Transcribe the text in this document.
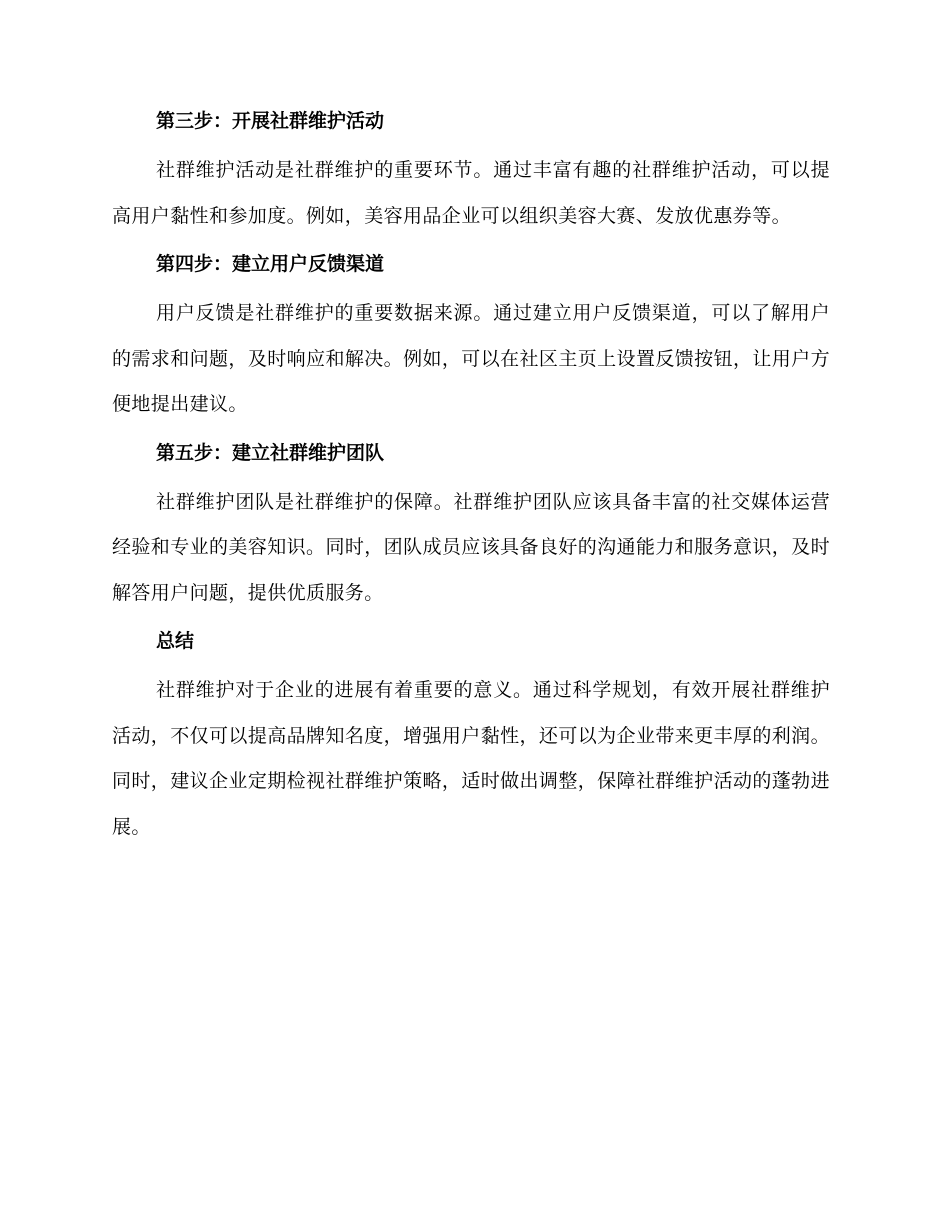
第三步：开展社群维护活动
社群维护活动是社群维护的重要环节。通过丰富有趣的社群维护活动，可以提高用户黏性和参加度。例如，美容用品企业可以组织美容大赛、发放优惠券等。
第四步：建立用户反馈渠道
用户反馈是社群维护的重要数据来源。通过建立用户反馈渠道，可以了解用户的需求和问题，及时响应和解决。例如，可以在社区主页上设置反馈按钮，让用户方便地提出建议。
第五步：建立社群维护团队
社群维护团队是社群维护的保障。社群维护团队应该具备丰富的社交媒体运营经验和专业的美容知识。同时，团队成员应该具备良好的沟通能力和服务意识，及时解答用户问题，提供优质服务。
总结
社群维护对于企业的进展有着重要的意义。通过科学规划，有效开展社群维护活动，不仅可以提高品牌知名度，增强用户黏性，还可以为企业带来更丰厚的利润。同时，建议企业定期检视社群维护策略，适时做出调整，保障社群维护活动的蓬勃进展。
